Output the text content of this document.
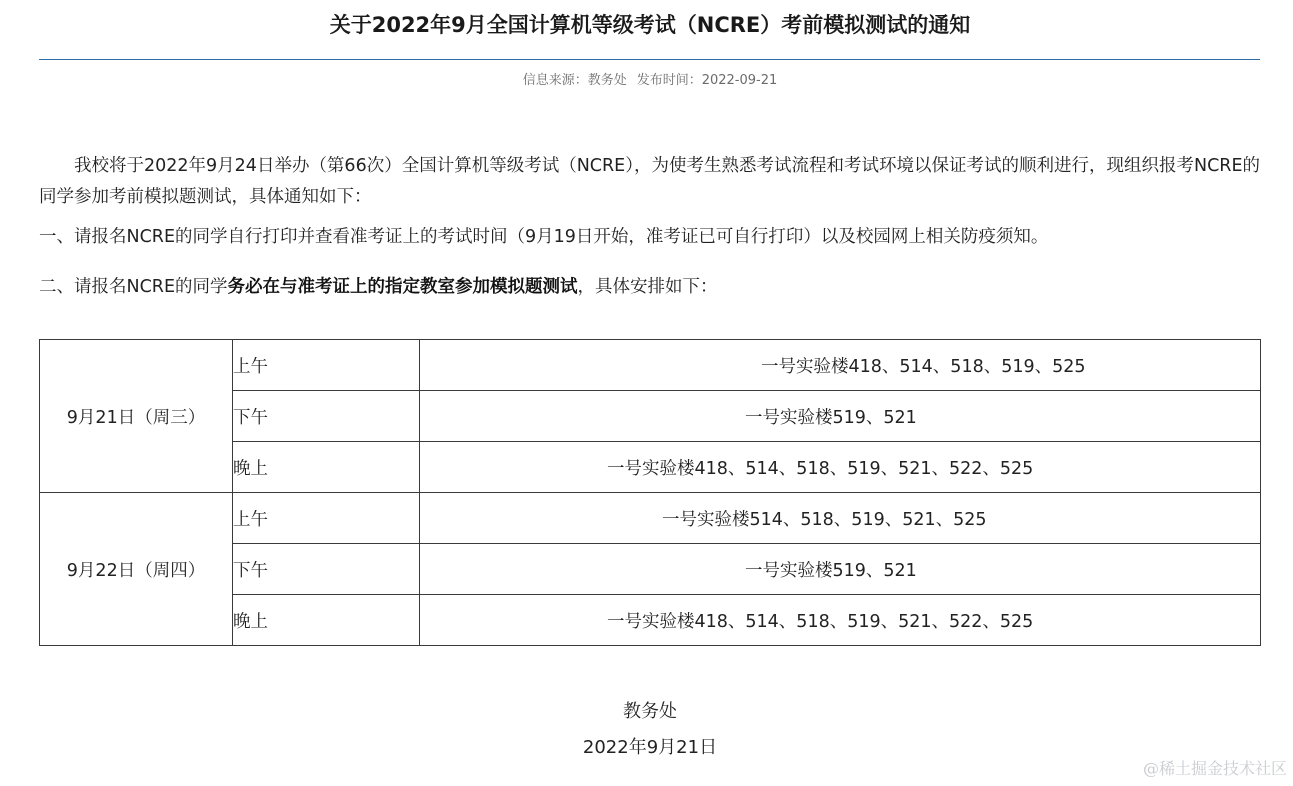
关于2022年9月全国计算机等级考试（NCRE）考前模拟测试的通知
信息来源：教务处 发布时间：2022-09-21

我校将于2022年9月24日举办（第66次）全国计算机等级考试（NCRE），为使考生熟悉考试流程和考试环境以保证考试的顺利进行，现组织报考NCRE的同学参加考前模拟题测试，具体通知如下：

一、请报名NCRE的同学自行打印并查看准考证上的考试时间（9月19日开始，准考证已可自行打印）以及校园网上相关防疫须知。

二、请报名NCRE的同学务必在与准考证上的指定教室参加模拟题测试，具体安排如下：

9月21日（周三）	上午	一号实验楼418、514、518、519、525
	下午	一号实验楼519、521
	晚上	一号实验楼418、514、518、519、521、522、525
9月22日（周四）	上午	一号实验楼514、518、519、521、525
	下午	一号实验楼519、521
	晚上	一号实验楼418、514、518、519、521、522、525
教务处
2022年9月21日
@稀土掘金技术社区
